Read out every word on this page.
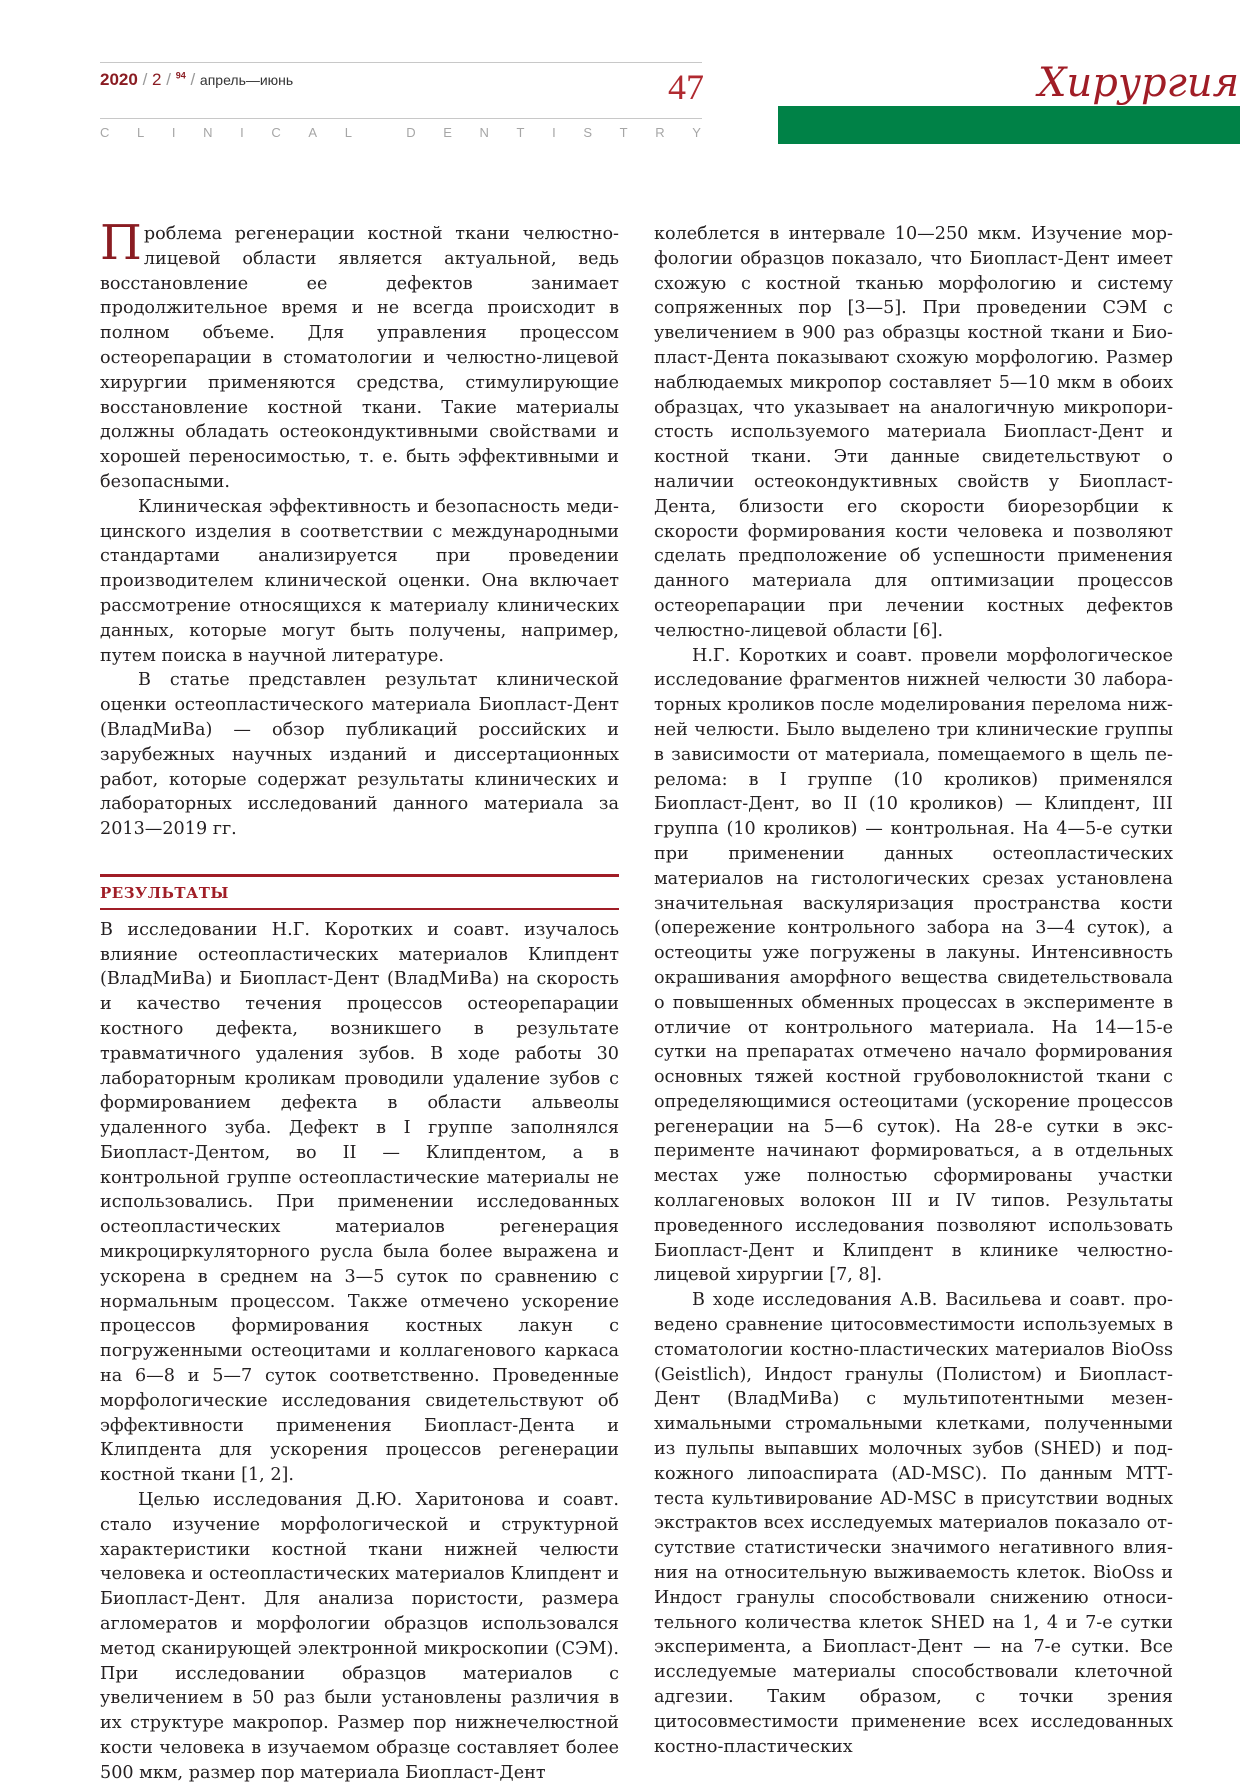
2020 / 2 / $^{94}$ / апрель—июнь	47
C L I N I C A L	D E N T I S T R Y
Хирургия

Проблема регенерации костной ткани челюстно-лицевой области является актуальной, ведь восстановление ее дефектов занимает продолжительное время и не всегда происходит в полном объеме. Для управления процессом остеорепарации в стоматологии и челюстно-лицевой хирургии применяются средства, стимулирующие восстановление костной ткани. Такие материалы должны обладать остеокондуктивными свойствами и хорошей переносимостью, т. е. быть эффективными и безопасными.

Клиническая эффективность и безопасность медицинского изделия в соответствии с международными стандартами анализируется при проведении производителем клинической оценки. Она включает рассмотрение относящихся к материалу клинических данных, которые могут быть получены, например, путем поиска в научной литературе.

В статье представлен результат клинической оценки остеопластического материала Биопласт-Дент (ВладМиВа) — обзор публикаций российских и зарубежных научных изданий и диссертационных работ, которые содержат результаты клинических и лабораторных исследований данного материала за 2013—2019 гг.

РЕЗУЛЬТАТЫ

В исследовании Н.Г. Коротких и соавт. изучалось влияние остеопластических материалов Клипдент (ВладМиВа) и Биопласт-Дент (ВладМиВа) на скорость и качество течения процессов остеорепарации костного дефекта, возникшего в результате травматичного удаления зубов. В ходе работы 30 лабораторным кроликам проводили удаление зубов с формированием дефекта в области альвеолы удаленного зуба. Дефект в I группе заполнялся Биопласт-Дентом, во II — Клипдентом, а в контрольной группе остеопластические материалы не использовались. При применении исследованных остеопластических материалов регенерация микроциркуляторного русла была более выражена и ускорена в среднем на 3—5 суток по сравнению с нормальным процессом. Также отмечено ускорение процессов формирования костных лакун с погруженными остеоцитами и коллагенового каркаса на 6—8 и 5—7 суток соответственно. Проведенные морфологические исследования свидетельствуют об эффективности применения Биопласт-Дента и Клипдента для ускорения процессов регенерации костной ткани [1, 2].

Целью исследования Д.Ю. Харитонова и соавт. стало изучение морфологической и структурной характеристики костной ткани нижней челюсти человека и остеопластических материалов Клипдент и Биопласт-Дент. Для анализа пористости, размера агломератов и морфологии образцов использовался метод сканирующей электронной микроскопии (СЭМ). При исследовании образцов материалов с увеличением в 50 раз были установлены различия в их структуре макропор. Размер пор нижнечелюстной кости человека в изучаемом образце составляет более 500 мкм, размер пор материала Биопласт-Дент

колеблется в интервале 10—250 мкм. Изучение морфологии образцов показало, что Биопласт-Дент имеет схожую с костной тканью морфологию и систему сопряженных пор [3—5]. При проведении СЭМ с увеличением в 900 раз образцы костной ткани и Биопласт-Дента показывают схожую морфологию. Размер наблюдаемых микропор составляет 5—10 мкм в обоих образцах, что указывает на аналогичную микропористость используемого материала Биопласт-Дент и костной ткани. Эти данные свидетельствуют о наличии остеокондуктивных свойств у Биопласт-Дента, близости его скорости биорезорбции к скорости формирования кости человека и позволяют сделать предположение об успешности применения данного материала для оптимизации процессов остеорепарации при лечении костных дефектов челюстно-лицевой области [6].

Н.Г. Коротких и соавт. провели морфологическое исследование фрагментов нижней челюсти 30 лабораторных кроликов после моделирования перелома нижней челюсти. Было выделено три клинические группы в зависимости от материала, помещаемого в щель перелома: в I группе (10 кроликов) применялся Биопласт-Дент, во II (10 кроликов) — Клипдент, III группа (10 кроликов) — контрольная. На 4—5-е сутки при применении данных остеопластических материалов на гистологических срезах установлена значительная васкуляризация пространства кости (опережение контрольного забора на 3—4 суток), а остеоциты уже погружены в лакуны. Интенсивность окрашивания аморфного вещества свидетельствовала о повышенных обменных процессах в эксперименте в отличие от контрольного материала. На 14—15-е сутки на препаратах отмечено начало формирования основных тяжей костной грубоволокнистой ткани с определяющимися остеоцитами (ускорение процессов регенерации на 5—6 суток). На 28-е сутки в эксперименте начинают формироваться, а в отдельных местах уже полностью сформированы участки коллагеновых волокон III и IV типов. Результаты проведенного исследования позволяют использовать Биопласт-Дент и Клипдент в клинике челюстно-лицевой хирургии [7, 8].

В ходе исследования А.В. Васильева и соавт. проведено сравнение цитосовместимости используемых в стоматологии костно-пластических материалов BioOss (Geistlich), Индост гранулы (Полистом) и Биопласт-Дент (ВладМиВа) с мультипотентными мезенхимальными стромальными клетками, полученными из пульпы выпавших молочных зубов (SHED) и подкожного липоаспирата (AD-MSC). По данным МТТ-теста культивирование AD-MSC в присутствии водных экстрактов всех исследуемых материалов показало отсутствие статистически значимого негативного влияния на относительную выживаемость клеток. BioOss и Индост гранулы способствовали снижению относительного количества клеток SHED на 1, 4 и 7-е сутки эксперимента, а Биопласт-Дент — на 7-е сутки. Все исследуемые материалы способствовали клеточной адгезии. Таким образом, с точки зрения цитосовместимости применение всех исследованных костно-пластических
